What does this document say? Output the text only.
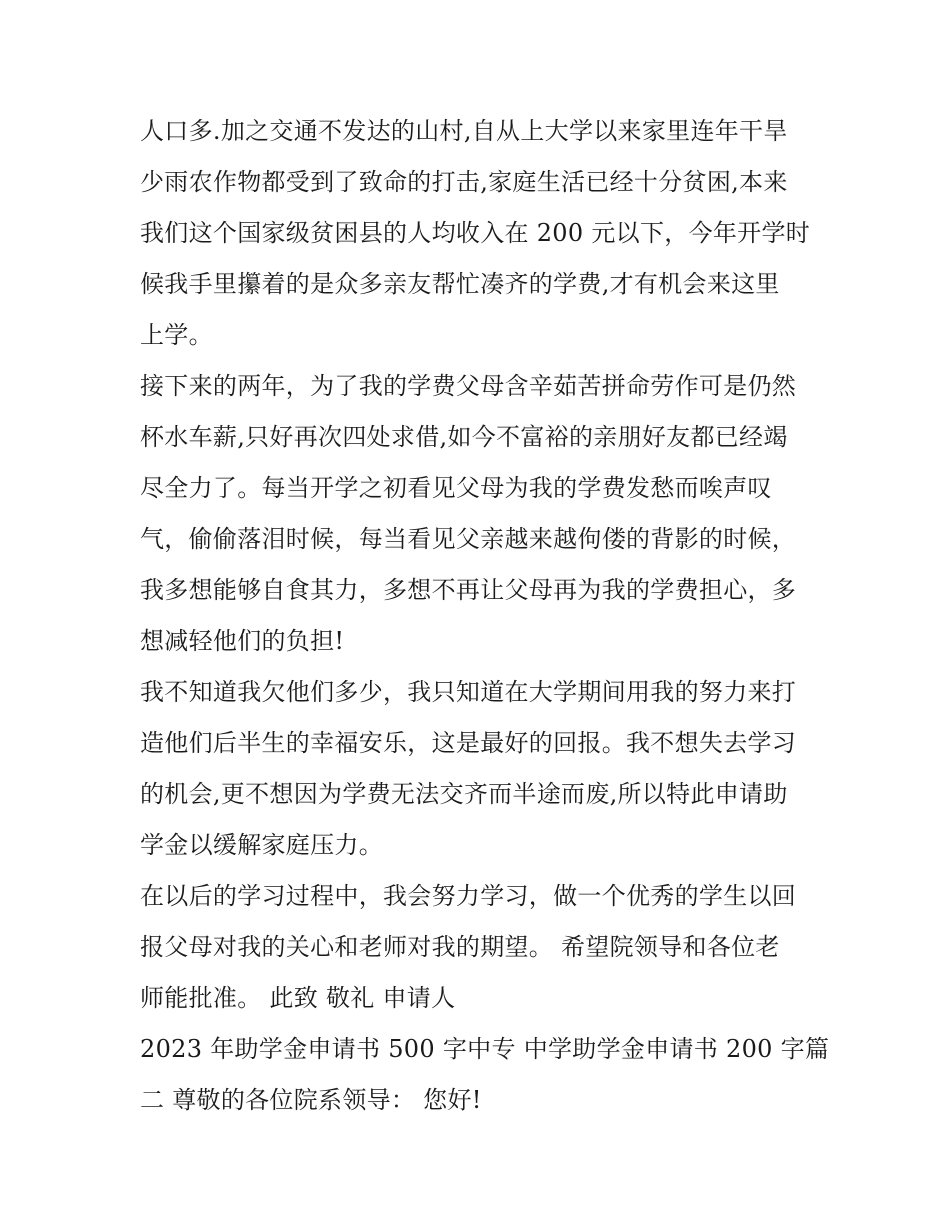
人口多.加之交通不发达的山村,自从上大学以来家里连年干旱
少雨农作物都受到了致命的打击,家庭生活已经十分贫困,本来
我们这个国家级贫困县的人均收入在 200 元以下，今年开学时
候我手里攥着的是众多亲友帮忙凑齐的学费,才有机会来这里
上学。
接下来的两年，为了我的学费父母含辛茹苦拼命劳作可是仍然
杯水车薪,只好再次四处求借,如今不富裕的亲朋好友都已经竭
尽全力了。每当开学之初看见父母为我的学费发愁而唉声叹
气，偷偷落泪时候，每当看见父亲越来越佝偻的背影的时候，
我多想能够自食其力，多想不再让父母再为我的学费担心，多
想减轻他们的负担!
我不知道我欠他们多少，我只知道在大学期间用我的努力来打
造他们后半生的幸福安乐，这是最好的回报。我不想失去学习
的机会,更不想因为学费无法交齐而半途而废,所以特此申请助
学金以缓解家庭压力。
在以后的学习过程中，我会努力学习，做一个优秀的学生以回
报父母对我的关心和老师对我的期望。 希望院领导和各位老
师能批准。 此致 敬礼 申请人
2023 年助学金申请书 500 字中专 中学助学金申请书 200 字篇
二 尊敬的各位院系领导： 您好!
